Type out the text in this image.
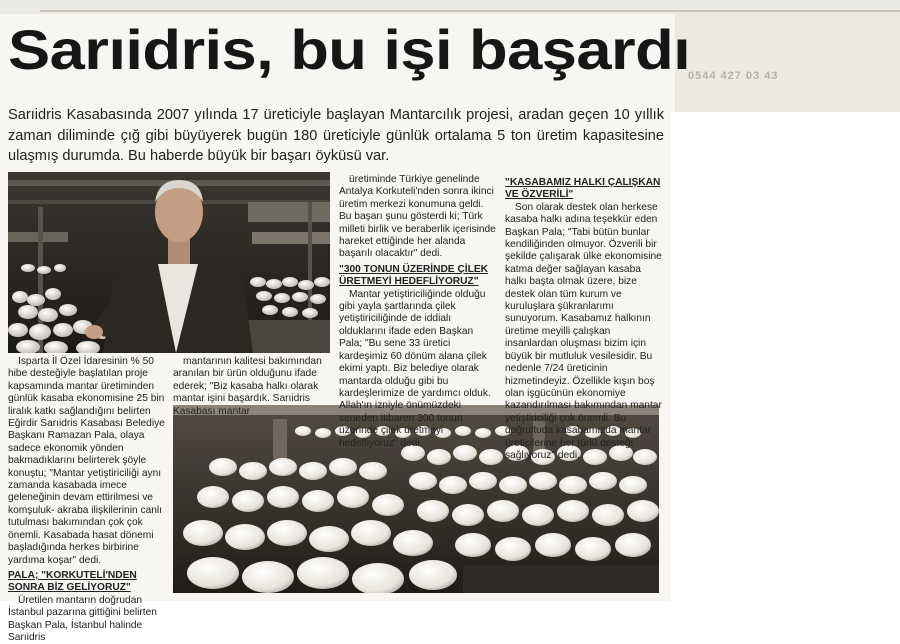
0544 427 03 43
Sarıidris, bu işi başardı

Sarıidris Kasabasında 2007 yılında 17 üreticiyle başlayan Mantarcılık projesi, aradan geçen 10 yıllık zaman diliminde çığ gibi büyüyerek bugün 180 üreticiyle günlük ortalama 5 ton üretim kapasitesine ulaşmış durumda. Bu haberde büyük bir başarı öyküsü var.

Isparta İl Özel İdaresinin % 50 hibe desteğiyle başlatılan proje kapsamında mantar üretiminden günlük kasaba ekonomisine 25 bin liralık katkı sağlandığını belirten Eğirdir Sarıidris Kasabası Belediye Başkanı Ramazan Pala, olaya sadece ekonomik yönden bakmadıklarını belirterek şöyle konuştu; "Mantar yetiştiriciliği aynı zamanda kasabada imece geleneğinin devam ettirilmesi ve komşuluk- akraba ilişkilerinin canlı tutulması bakımından çok çok önemli. Kasabada hasat dönemi başladığında herkes birbirine yardıma koşar" dedi.

PALA; "KORKUTELİ'NDEN SONRA BİZ GELİYORUZ"

Üretilen mantarın doğrudan İstanbul pazarına gittiğini belirten Başkan Pala, İstanbul halinde Sarıidris

mantarının kalitesi bakımından aranılan bir ürün olduğunu ifade ederek; "Biz kasaba halkı olarak mantar işini başardık. Sarıidris Kasabası mantar

üretiminde Türkiye genelinde Antalya Korkuteli'nden sonra ikinci üretim merkezi konumuna geldi. Bu başarı şunu gösterdi ki; Türk milleti birlik ve beraberlik içerisinde hareket ettiğinde her alanda başarılı olacaktır" dedi.

"300 TONUN ÜZERİNDE ÇİLEK ÜRETMEYİ HEDEFLİYORUZ"

Mantar yetiştiriciliğinde olduğu gibi yayla şartlarında çilek yetiştiriciliğinde de iddialı olduklarını ifade eden Başkan Pala; "Bu sene 33 üretici kardeşimiz 60 dönüm alana çilek ekimi yaptı. Biz belediye olarak mantarda olduğu gibi bu kardeşlerimize de yardımcı olduk. Allah'ın izniyle önümüzdeki seneden itibaren 300 tonun üzerinde çilek üretmeyi hedefliyoruz" dedi.

"KASABAMIZ HALKI ÇALIŞKAN VE ÖZVERİLİ"

Son olarak destek olan herkese kasaba halkı adına teşekkür eden Başkan Pala; "Tabi bütün bunlar kendiliğinden olmuyor. Özverili bir şekilde çalışarak ülke ekonomisine katma değer sağlayan kasaba halkı başta olmak üzere, bize destek olan tüm kurum ve kuruluşlara şükranlarımı sunuyorum. Kasabamız halkının üretime meyilli çalışkan insanlardan oluşması bizim için büyük bir mutluluk vesilesidir. Bu nedenle 7/24 üreticinin hizmetindeyiz. Özellikle kışın boş olan işgücünün ekonomiye kazandırılması bakımından mantar yetiştiriciliği çok önemli. Bu doğrultuda kasabamızda mantar üreticilerine her türlü desteği sağlıyoruz" dedi.
